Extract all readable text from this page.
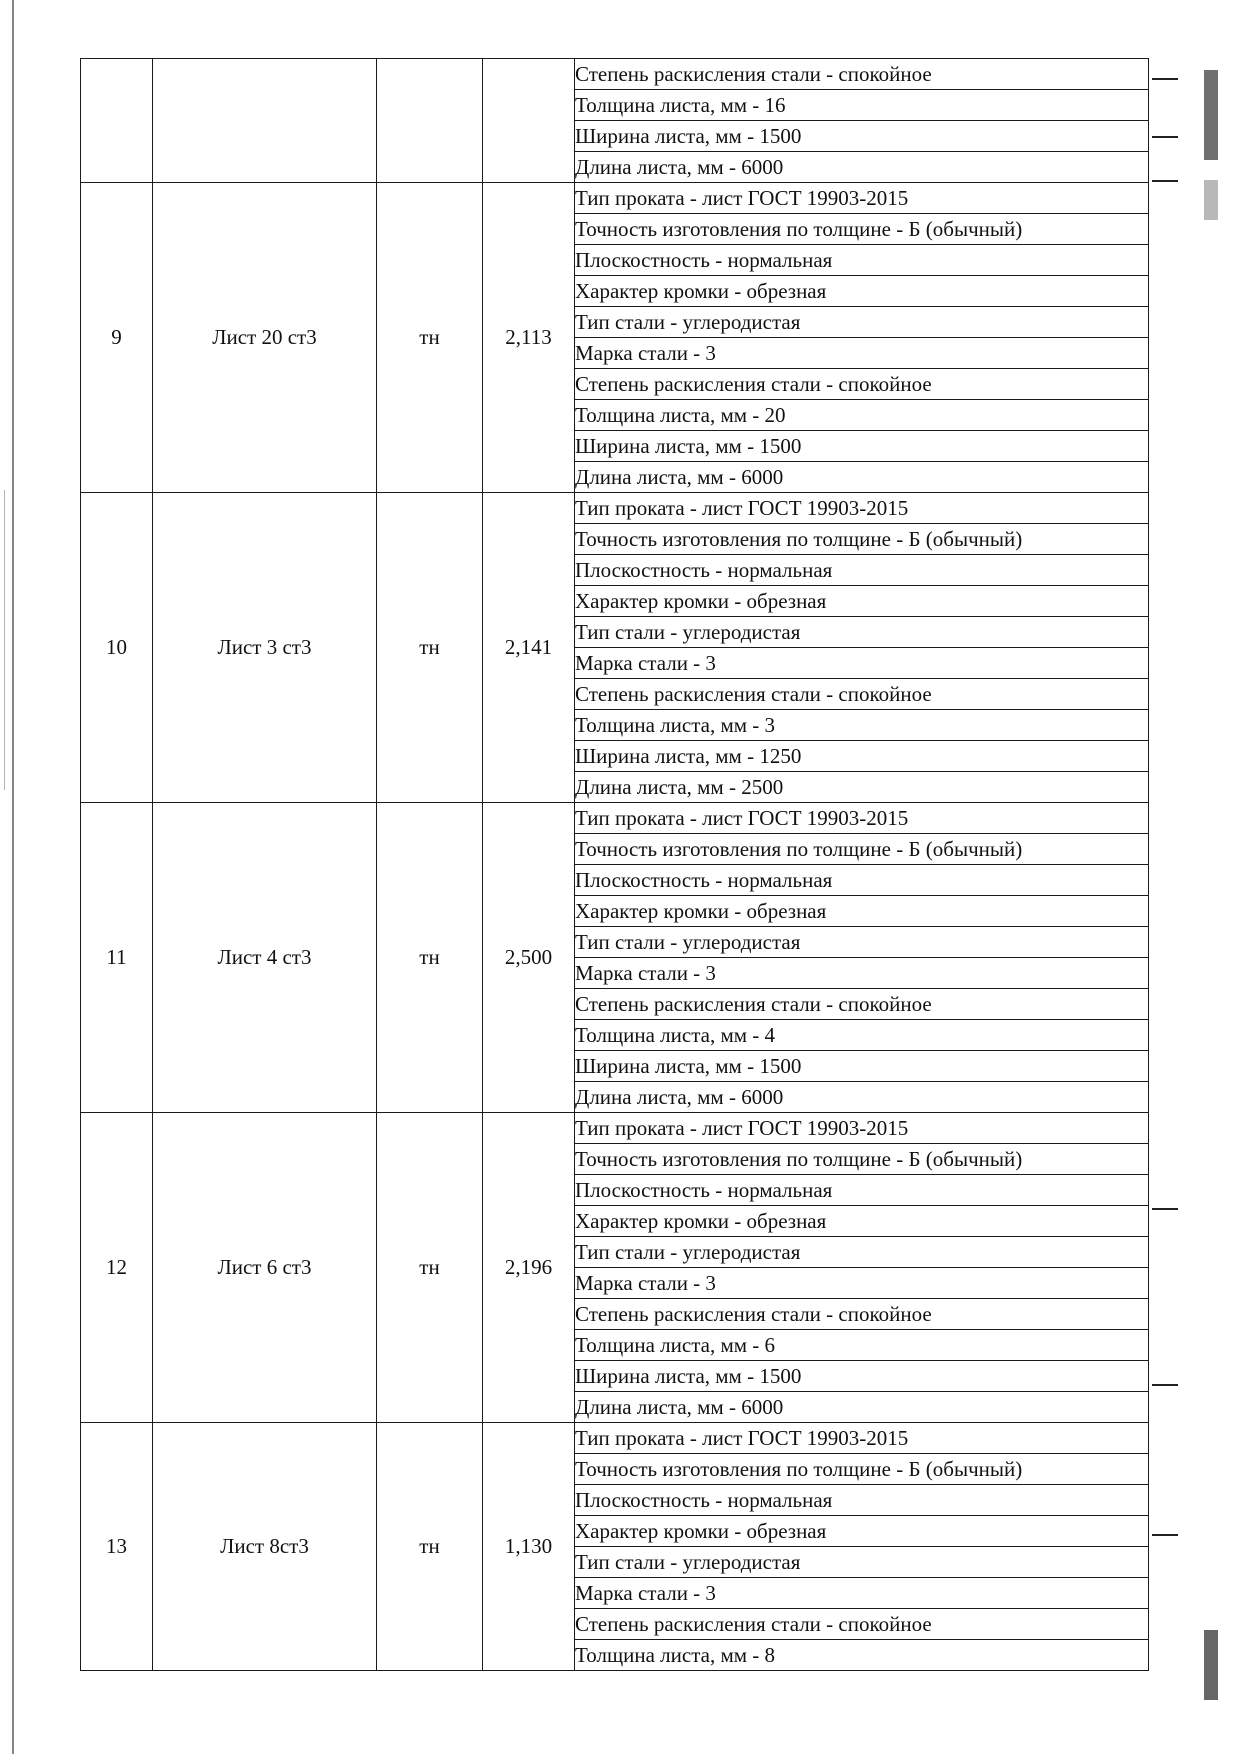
				Степень раскисления стали - спокойное
				Толщина листа, мм - 16
				Ширина листа, мм - 1500
				Длина листа, мм - 6000
9	Лист 20 ст3	тн	2,113	Тип проката - лист ГОСТ 19903-2015
				Точность изготовления по толщине - Б (обычный)
				Плоскостность - нормальная
				Характер кромки - обрезная
				Тип стали - углеродистая
				Марка стали - 3
				Степень раскисления стали - спокойное
				Толщина листа, мм - 20
				Ширина листа, мм - 1500
				Длина листа, мм - 6000
10	Лист 3 ст3	тн	2,141	Тип проката - лист ГОСТ 19903-2015
				Точность изготовления по толщине - Б (обычный)
				Плоскостность - нормальная
				Характер кромки - обрезная
				Тип стали - углеродистая
				Марка стали - 3
				Степень раскисления стали - спокойное
				Толщина листа, мм - 3
				Ширина листа, мм - 1250
				Длина листа, мм - 2500
11	Лист 4 ст3	тн	2,500	Тип проката - лист ГОСТ 19903-2015
				Точность изготовления по толщине - Б (обычный)
				Плоскостность - нормальная
				Характер кромки - обрезная
				Тип стали - углеродистая
				Марка стали - 3
				Степень раскисления стали - спокойное
				Толщина листа, мм - 4
				Ширина листа, мм - 1500
				Длина листа, мм - 6000
12	Лист 6 ст3	тн	2,196	Тип проката - лист ГОСТ 19903-2015
				Точность изготовления по толщине - Б (обычный)
				Плоскостность - нормальная
				Характер кромки - обрезная
				Тип стали - углеродистая
				Марка стали - 3
				Степень раскисления стали - спокойное
				Толщина листа, мм - 6
				Ширина листа, мм - 1500
				Длина листа, мм - 6000
13	Лист 8ст3	тн	1,130	Тип проката - лист ГОСТ 19903-2015
				Точность изготовления по толщине - Б (обычный)
				Плоскостность - нормальная
				Характер кромки - обрезная
				Тип стали - углеродистая
				Марка стали - 3
				Степень раскисления стали - спокойное
				Толщина листа, мм - 8
